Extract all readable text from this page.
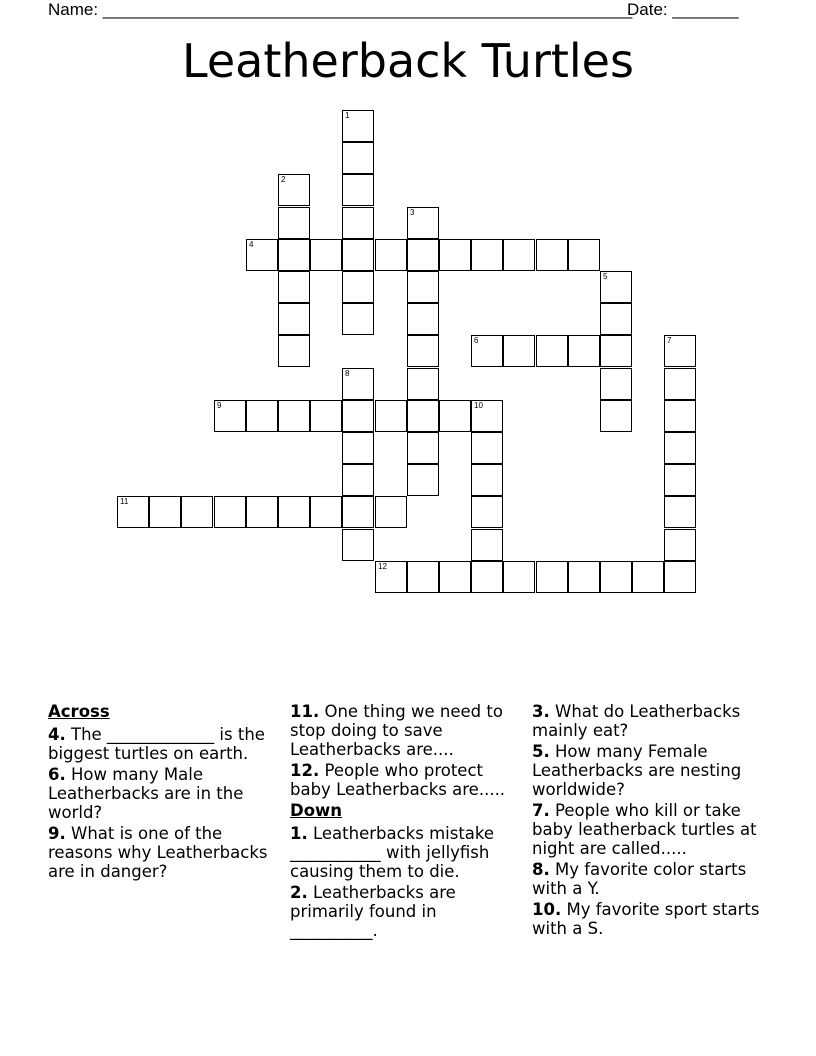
Name: ________________________________________________________
Date: _______
Leatherback Turtles
1
2
3
4
5
6	7
8
9	10
11
12
Across
4. The _____________ is the biggest turtles on earth.
6. How many Male Leatherbacks are in the world?
9. What is one of the reasons why Leatherbacks are in danger?
11. One thing we need to stop doing to save Leatherbacks are....
12. People who protect baby Leatherbacks are.....
Down
1. Leatherbacks mistake ___________ with jellyfish causing them to die.
2. Leatherbacks are primarily found in __________.
3. What do Leatherbacks mainly eat?
5. How many Female Leatherbacks are nesting worldwide?
7. People who kill or take baby leatherback turtles at night are called.....
8. My favorite color starts with a Y.
10. My favorite sport starts with a S.
